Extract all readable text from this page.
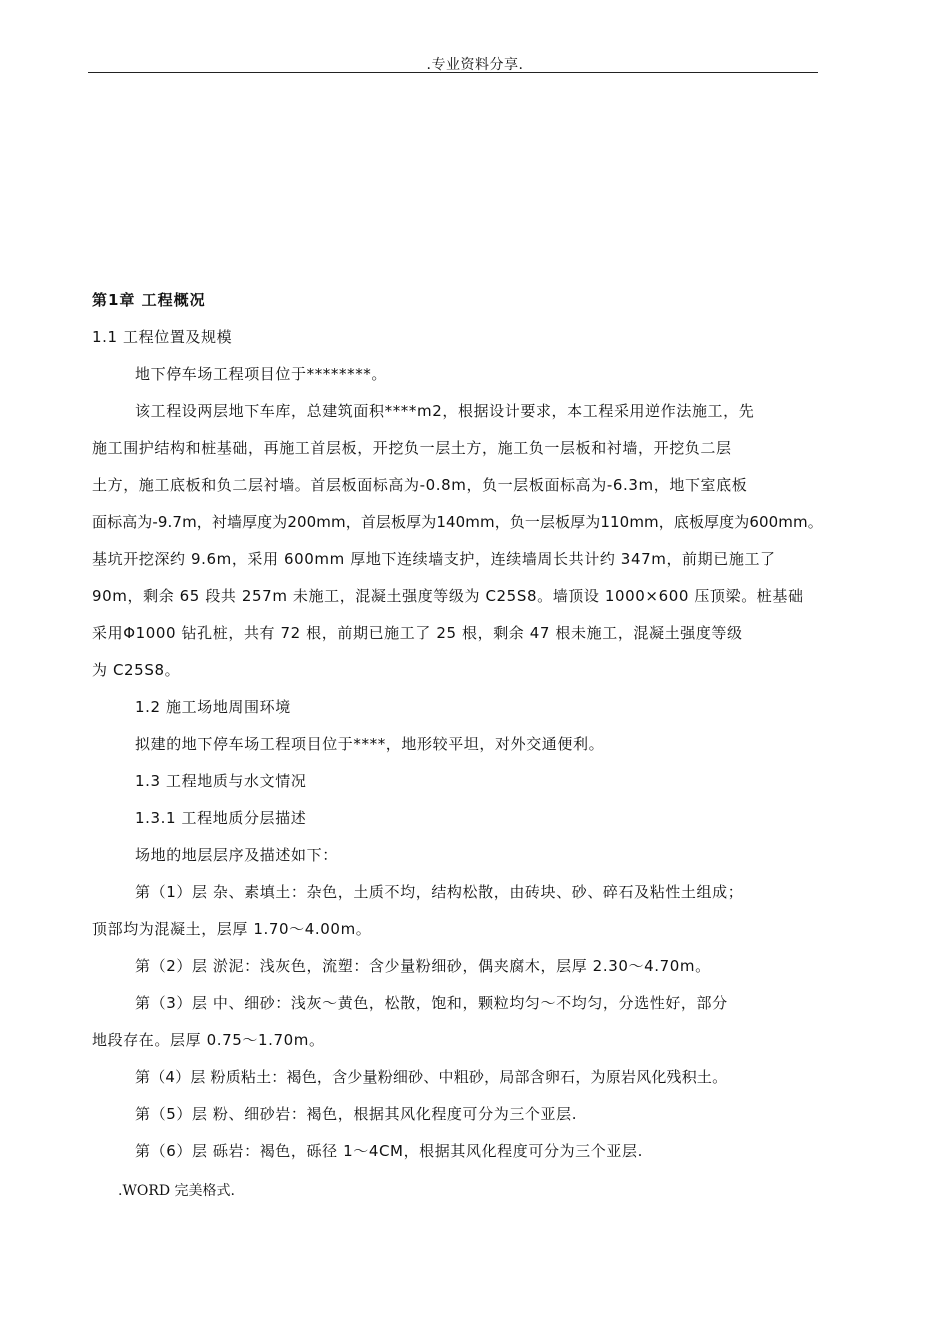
.专业资料分享.
第1章 工程概况
1.1 工程位置及规模
地下停车场工程项目位于********。
该工程设两层地下车库，总建筑面积****m2，根据设计要求，本工程采用逆作法施工，先
施工围护结构和桩基础，再施工首层板，开挖负一层土方，施工负一层板和衬墙，开挖负二层
土方，施工底板和负二层衬墙。首层板面标高为-0.8m，负一层板面标高为-6.3m，地下室底板
面标高为-9.7m，衬墙厚度为200mm，首层板厚为140mm，负一层板厚为110mm，底板厚度为600mm。
基坑开挖深约 9.6m，采用 600mm 厚地下连续墙支护，连续墙周长共计约 347m，前期已施工了
90m，剩余 65 段共 257m 未施工，混凝土强度等级为 C25S8。墙顶设 1000×600 压顶梁。桩基础
采用Φ1000 钻孔桩，共有 72 根，前期已施工了 25 根，剩余 47 根未施工，混凝土强度等级
为 C25S8。
1.2 施工场地周围环境
拟建的地下停车场工程项目位于****，地形较平坦，对外交通便利。
1.3 工程地质与水文情况
1.3.1 工程地质分层描述
场地的地层层序及描述如下：
第（1）层 杂、素填土：杂色，土质不均，结构松散，由砖块、砂、碎石及粘性土组成；
顶部均为混凝土，层厚 1.70～4.00m。
第（2）层 淤泥：浅灰色，流塑：含少量粉细砂，偶夹腐木，层厚 2.30～4.70m。
第（3）层 中、细砂：浅灰～黄色，松散，饱和，颗粒均匀～不均匀，分选性好，部分
地段存在。层厚 0.75～1.70m。
第（4）层 粉质粘土：褐色，含少量粉细砂、中粗砂，局部含卵石，为原岩风化残积土。
第（5）层 粉、细砂岩：褐色，根据其风化程度可分为三个亚层.
第（6）层 砾岩：褐色，砾径 1～4CM，根据其风化程度可分为三个亚层.
.WORD 完美格式.
